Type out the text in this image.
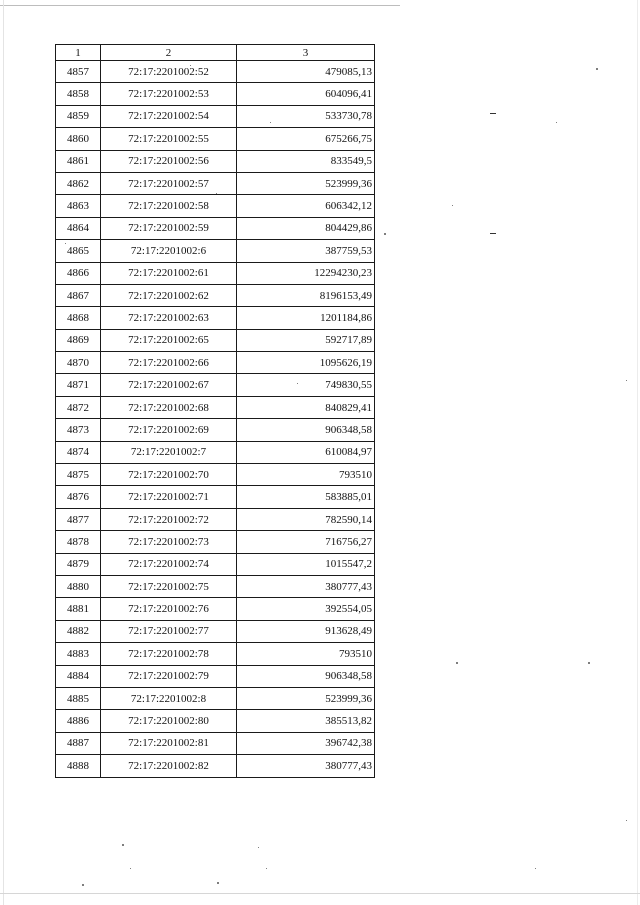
1	2	3
4857	72:17:2201002:52	479085,13
4858	72:17:2201002:53	604096,41
4859	72:17:2201002:54	533730,78
4860	72:17:2201002:55	675266,75
4861	72:17:2201002:56	833549,5
4862	72:17:2201002:57	523999,36
4863	72:17:2201002:58	606342,12
4864	72:17:2201002:59	804429,86
4865	72:17:2201002:6	387759,53
4866	72:17:2201002:61	12294230,23
4867	72:17:2201002:62	8196153,49
4868	72:17:2201002:63	1201184,86
4869	72:17:2201002:65	592717,89
4870	72:17:2201002:66	1095626,19
4871	72:17:2201002:67	749830,55
4872	72:17:2201002:68	840829,41
4873	72:17:2201002:69	906348,58
4874	72:17:2201002:7	610084,97
4875	72:17:2201002:70	793510
4876	72:17:2201002:71	583885,01
4877	72:17:2201002:72	782590,14
4878	72:17:2201002:73	716756,27
4879	72:17:2201002:74	1015547,2
4880	72:17:2201002:75	380777,43
4881	72:17:2201002:76	392554,05
4882	72:17:2201002:77	913628,49
4883	72:17:2201002:78	793510
4884	72:17:2201002:79	906348,58
4885	72:17:2201002:8	523999,36
4886	72:17:2201002:80	385513,82
4887	72:17:2201002:81	396742,38
4888	72:17:2201002:82	380777,43
